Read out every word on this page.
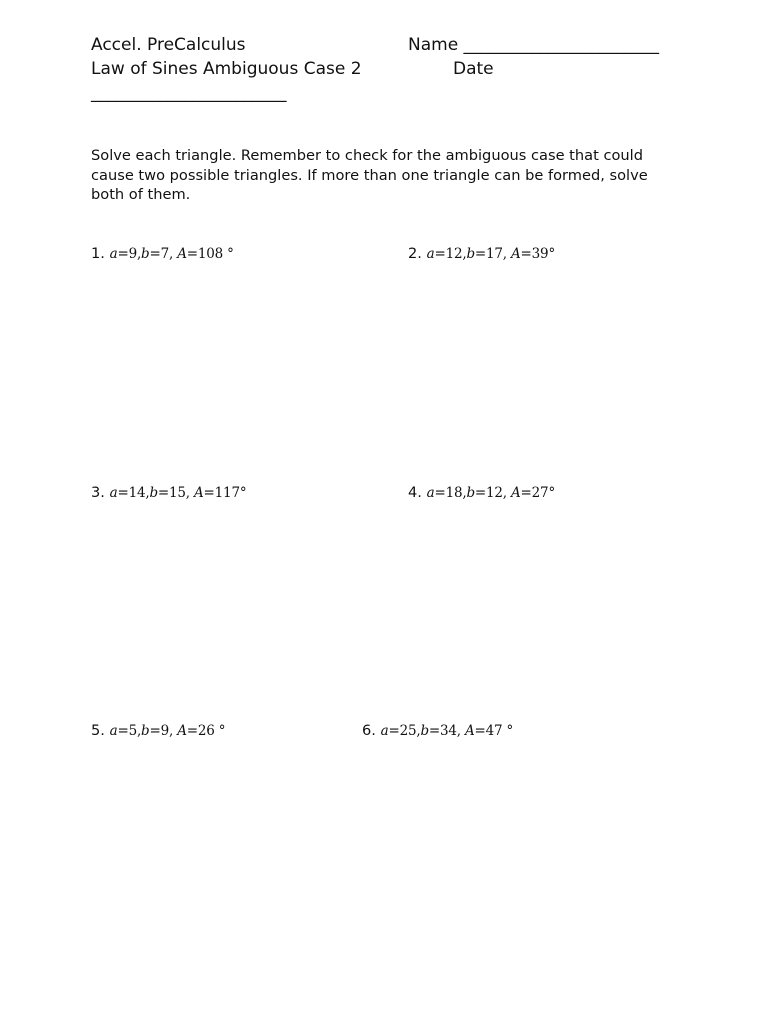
Accel. PreCalculus	Name _______________________
Law of Sines Ambiguous Case 2	Date
_______________________
Solve each triangle. Remember to check for the ambiguous case that could cause two possible triangles. If more than one triangle can be formed, solve both of them.
1. a=9,b=7, A=108 °	2. a=12,b=17, A=39°
3. a=14,b=15, A=117°	4. a=18,b=12, A=27°
5. a=5,b=9, A=26 °	6. a=25,b=34, A=47 °
